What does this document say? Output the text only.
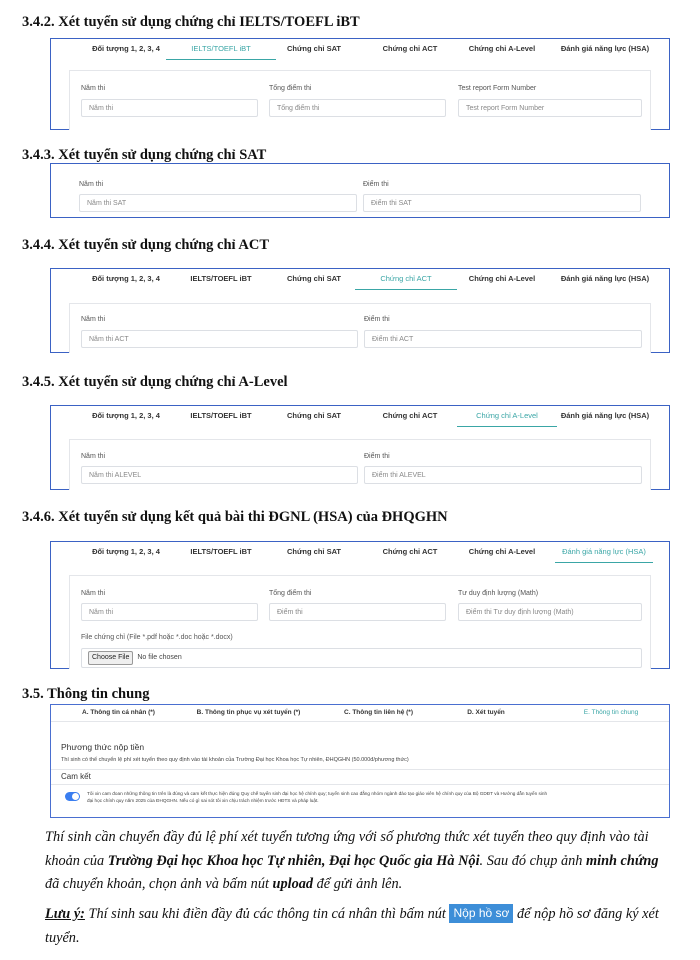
3.4.2. Xét tuyển sử dụng chứng chỉ IELTS/TOEFL iBT
Đối tượng 1, 2, 3, 4	IELTS/TOEFL iBT	Chứng chỉ SAT	Chứng chỉ ACT	Chứng chỉ A-Level	Đánh giá năng lực (HSA)
Năm thi
Năm thi
Tổng điểm thi
Tổng điểm thi
Test report Form Number
Test report Form Number
3.4.3. Xét tuyển sử dụng chứng chỉ SAT
Năm thi
Năm thi SAT
Điểm thi
Điểm thi SAT
3.4.4. Xét tuyển sử dụng chứng chỉ ACT
Đối tượng 1, 2, 3, 4	IELTS/TOEFL iBT	Chứng chỉ SAT	Chứng chỉ ACT	Chứng chỉ A-Level	Đánh giá năng lực (HSA)
Năm thi
Năm thi ACT
Điểm thi
Điểm thi ACT
3.4.5. Xét tuyển sử dụng chứng chỉ A-Level
Đối tượng 1, 2, 3, 4	IELTS/TOEFL iBT	Chứng chỉ SAT	Chứng chỉ ACT	Chứng chỉ A-Level	Đánh giá năng lực (HSA)
Năm thi
Năm thi ALEVEL
Điểm thi
Điểm thi ALEVEL
3.4.6. Xét tuyển sử dụng kết quả bài thi ĐGNL (HSA) của ĐHQGHN
Đối tượng 1, 2, 3, 4	IELTS/TOEFL iBT	Chứng chỉ SAT	Chứng chỉ ACT	Chứng chỉ A-Level	Đánh giá năng lực (HSA)
Năm thi
Năm thi
Tổng điểm thi
Điểm thi
Tư duy định lượng (Math)
Điểm thi Tư duy định lượng (Math)
File chứng chỉ (File *.pdf hoặc *.doc hoặc *.docx)
Choose File No file chosen
3.5. Thông tin chung
A. Thông tin cá nhân (*)	B. Thông tin phục vụ xét tuyển (*)	C. Thông tin liên hệ (*)	D. Xét tuyển	E. Thông tin chung
Phương thức nộp tiền
Thí sinh có thể chuyển lệ phí xét tuyển theo quy định vào tài khoản của Trường Đại học Khoa học Tự nhiên, ĐHQGHN (50.000đ/phương thức)
Cam kết
Tôi xin cam đoan những thông tin trên là đúng và cam kết thực hiện đúng Quy chế tuyển sinh đại học hệ chính quy; tuyển sinh cao đẳng nhóm ngành đào tạo giáo viên hệ chính quy của Bộ GDĐT và Hướng dẫn tuyển sinh
đại học chính quy năm 2025 của ĐHQGHN. Nếu có gì sai sót tôi xin chịu trách nhiệm trước HĐTS và pháp luật.
Thí sinh cần chuyển đầy đủ lệ phí xét tuyển tương ứng với số phương thức xét tuyển theo quy định vào tài khoản của Trường Đại học Khoa học Tự nhiên, Đại học Quốc gia Hà Nội. Sau đó chụp ảnh minh chứng đã chuyển khoản, chọn ảnh và bấm nút upload để gửi ảnh lên.
Lưu ý: Thí sinh sau khi điền đầy đủ các thông tin cá nhân thì bấm nút Nộp hồ sơ để nộp hồ sơ đăng ký xét tuyển.
